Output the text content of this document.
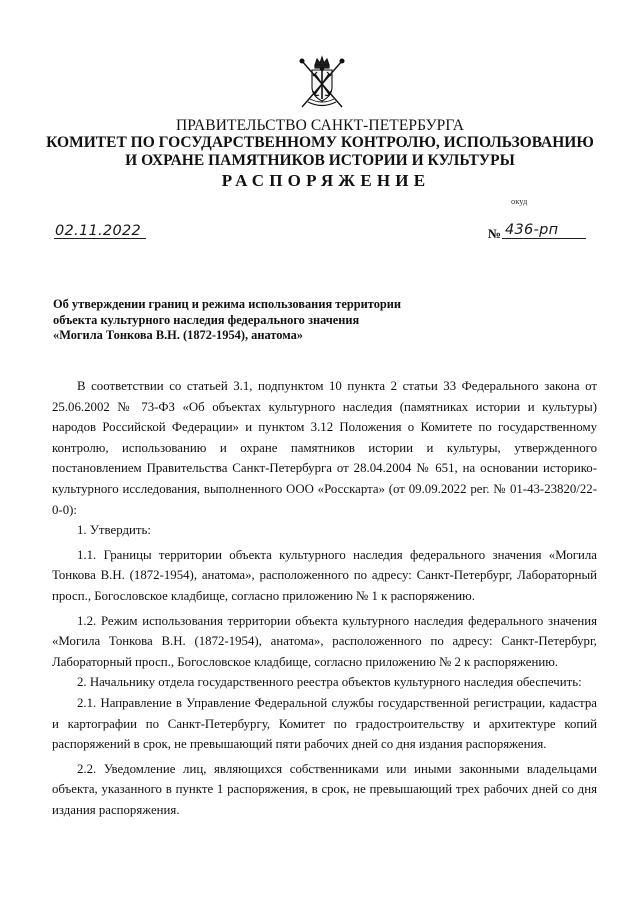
ПРАВИТЕЛЬСТВО САНКТ-ПЕТЕРБУРГА
КОМИТЕТ ПО ГОСУДАРСТВЕННОМУ КОНТРОЛЮ, ИСПОЛЬЗОВАНИЮ
И ОХРАНЕ ПАМЯТНИКОВ ИСТОРИИ И КУЛЬТУРЫ
РАСПОРЯЖЕНИЕ
окуд
02.11.2022	№ 436-рп
Об утверждении границ и режима использования территории
объекта культурного наследия федерального значения
«Могила Тонкова В.Н. (1872-1954), анатома»

В соответствии со статьей 3.1, подпунктом 10 пункта 2 статьи 33 Федерального закона от 25.06.2002 № 73-ФЗ «Об объектах культурного наследия (памятниках истории и культуры) народов Российской Федерации» и пунктом 3.12 Положения о Комитете по государственному контролю, использованию и охране памятников истории и культуры, утвержденного постановлением Правительства Санкт-Петербурга от 28.04.2004 № 651, на основании историко-культурного исследования, выполненного ООО «Росскарта» (от 09.09.2022 рег. № 01-43-23820/22-0-0):

1. Утвердить:

1.1. Границы территории объекта культурного наследия федерального значения «Могила Тонкова В.Н. (1872-1954), анатома», расположенного по адресу: Санкт-Петербург, Лабораторный просп., Богословское кладбище, согласно приложению № 1 к распоряжению.

1.2. Режим использования территории объекта культурного наследия федерального значения «Могила Тонкова В.Н. (1872-1954), анатома», расположенного по адресу: Санкт-Петербург, Лабораторный просп., Богословское кладбище, согласно приложению № 2 к распоряжению.

2. Начальнику отдела государственного реестра объектов культурного наследия обеспечить:

2.1. Направление в Управление Федеральной службы государственной регистрации, кадастра и картографии по Санкт-Петербургу, Комитет по градостроительству и архитектуре копий распоряжений в срок, не превышающий пяти рабочих дней со дня издания распоряжения.

2.2. Уведомление лиц, являющихся собственниками или иными законными владельцами объекта, указанного в пункте 1 распоряжения, в срок, не превышающий трех рабочих дней со дня издания распоряжения.
